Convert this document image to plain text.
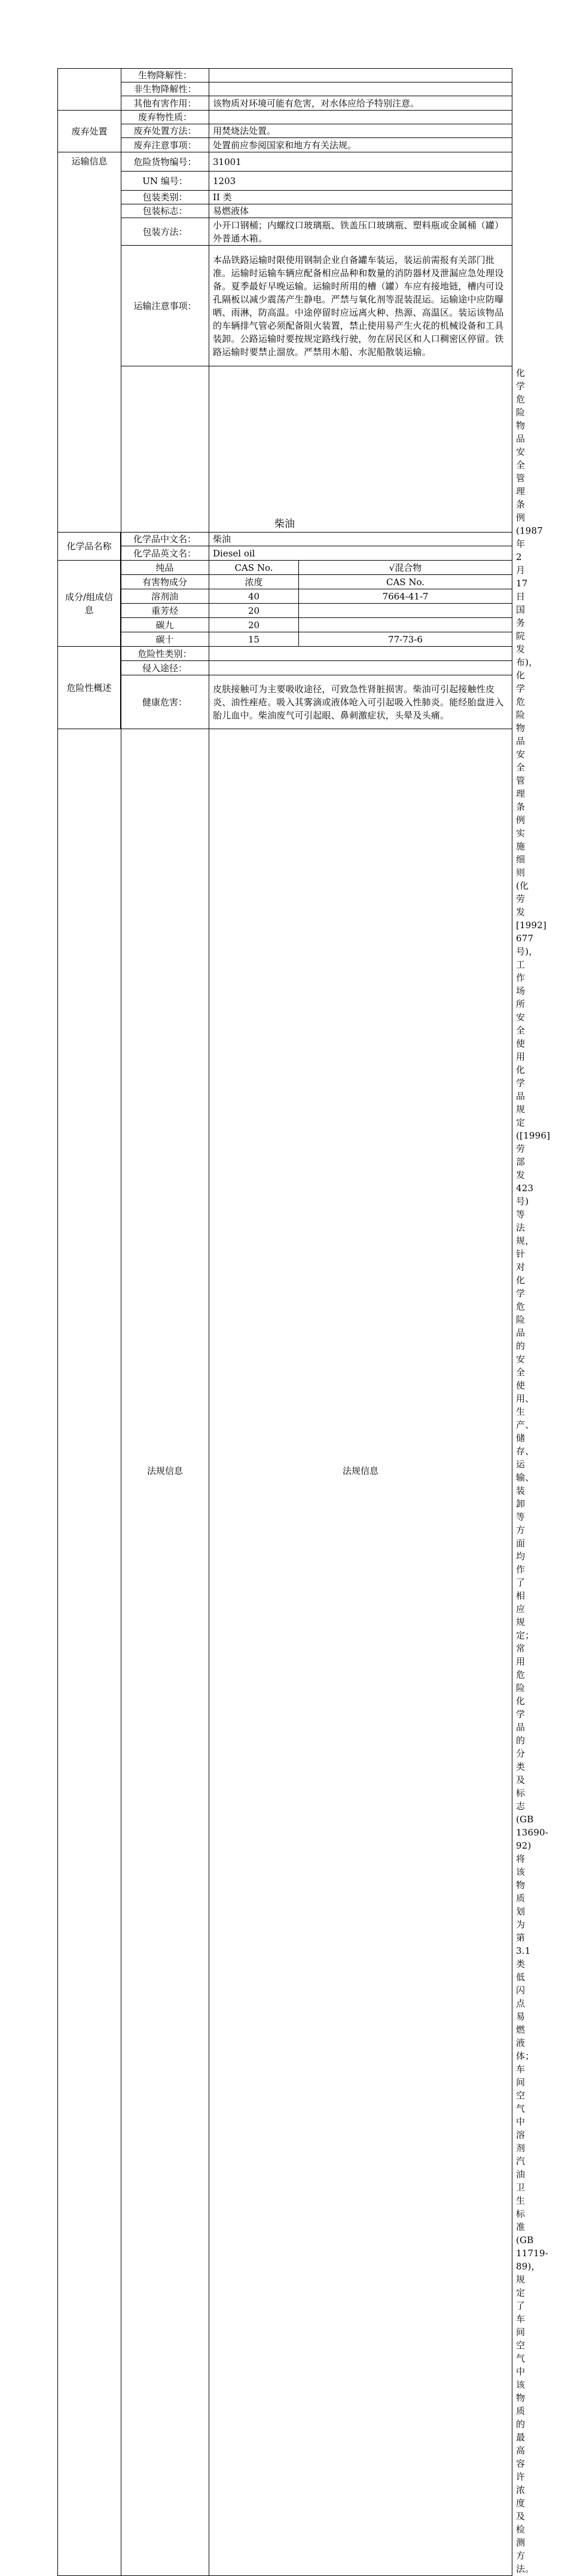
	生物降解性：		
	非生物降解性：		
	其他有害作用：	该物质对环境可能有危害，对水体应给予特别注意。	
废弃处置	废弃物性质：		
	废弃处置方法：	用焚烧法处置。	
	废弃注意事项：	处置前应参阅国家和地方有关法规。	
运输信息	危险货物编号：	31001	
	UN 编号：	1203	
	包装类别：	II 类	
	包装标志：	易燃液体	
	包装方法：	小开口钢桶；内螺纹口玻璃瓶、铁盖压口玻璃瓶、塑料瓶或金属桶（罐）外普通木箱。	
	运输注意事项：	本品铁路运输时限使用钢制企业自备罐车装运，装运前需报有关部门批准。运输时运输车辆应配备相应品种和数量的消防器材及泄漏应急处理设备。夏季最好早晚运输。运输时所用的槽（罐）车应有接地链，槽内可设孔隔板以减少震荡产生静电。严禁与氧化剂等混装混运。运输途中应防曝晒、雨淋，防高温。中途停留时应远离火种、热源、高温区。装运该物品的车辆排气管必须配备阻火装置，禁止使用易产生火花的机械设备和工具装卸。公路运输时要按规定路线行驶，勿在居民区和人口稠密区停留。铁路运输时要禁止溜放。严禁用木船、水泥船散装运输。	
	法规信息	法规信息	化学危险物品安全管理条例 (1987 年 2 月 17 日国务院发布)，化学危险物品安全管理条例实施细则 (化劳发[1992] 677 号)，工作场所安全使用化学品规定 ([1996]劳部发 423 号)等法规，针对化学危险品的安全使用、生产、储存、运输、装卸等方面均作了相应规定；常用危险化学品的分类及标志 (GB 13690-92)将该物质划为第 3.1 类低闪点易燃液体；车间空气中溶剂汽油卫生标准 (GB 11719-89)，规定了车间空气中该物质的最高容许浓度及检测方法。
柴油
化学品名称	化学品中文名：	柴油	
	化学品英文名：	Diesel oil	
成分/组成信息	纯品	CAS No.	√混合物
	有害物成分	浓度	CAS No.
	溶剂油	40	7664-41-7
	重芳烃	20	
	碳九	20	
	碳十	15	77-73-6
危险性概述	危险性类别：		
	侵入途径：		
	健康危害：	皮肤接触可为主要吸收途径，可致急性肾脏损害。柴油可引起接触性皮炎、油性痤疮。吸入其雾滴或液体呛入可引起吸入性肺炎。能经胎盘进入胎儿血中。柴油废气可引起眼、鼻刺激症状，头晕及头痛。	
